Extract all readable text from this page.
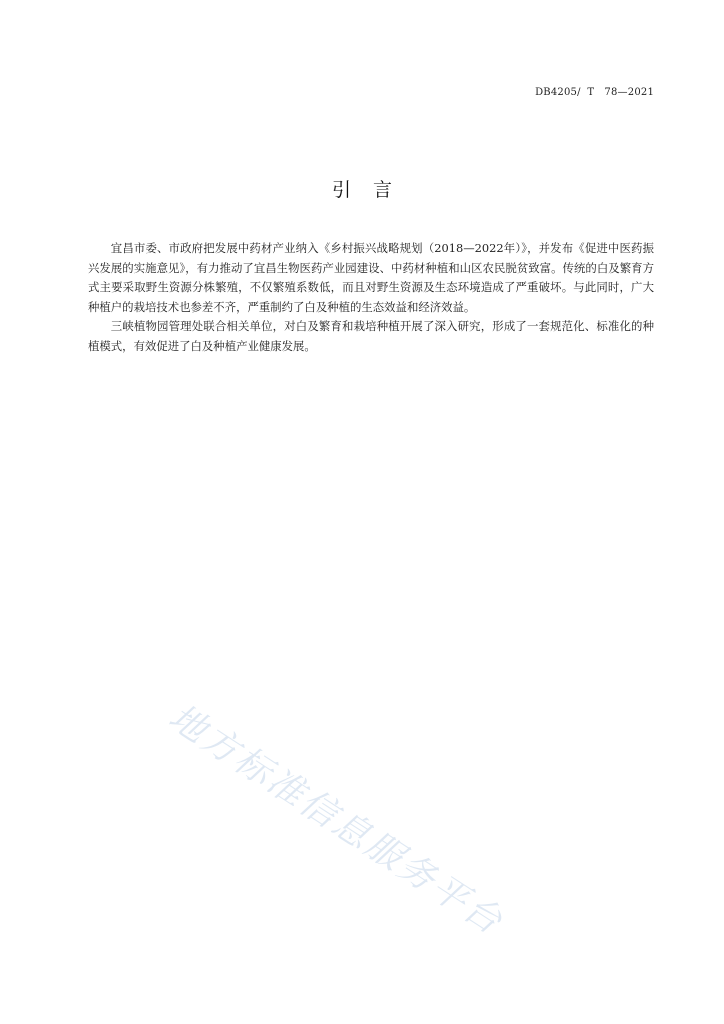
DB4205/  T   78—2021
引言

宜昌市委、市政府把发展中药材产业纳入《乡村振兴战略规划（2018—2022年）》，并发布《促进中医药振兴发展的实施意见》，有力推动了宜昌生物医药产业园建设、中药材种植和山区农民脱贫致富。传统的白及繁育方式主要采取野生资源分株繁殖，不仅繁殖系数低，而且对野生资源及生态环境造成了严重破坏。与此同时，广大种植户的栽培技术也参差不齐，严重制约了白及种植的生态效益和经济效益。

三峡植物园管理处联合相关单位，对白及繁育和栽培种植开展了深入研究，形成了一套规范化、标准化的种植模式，有效促进了白及种植产业健康发展。

地方标准信息服务平台
